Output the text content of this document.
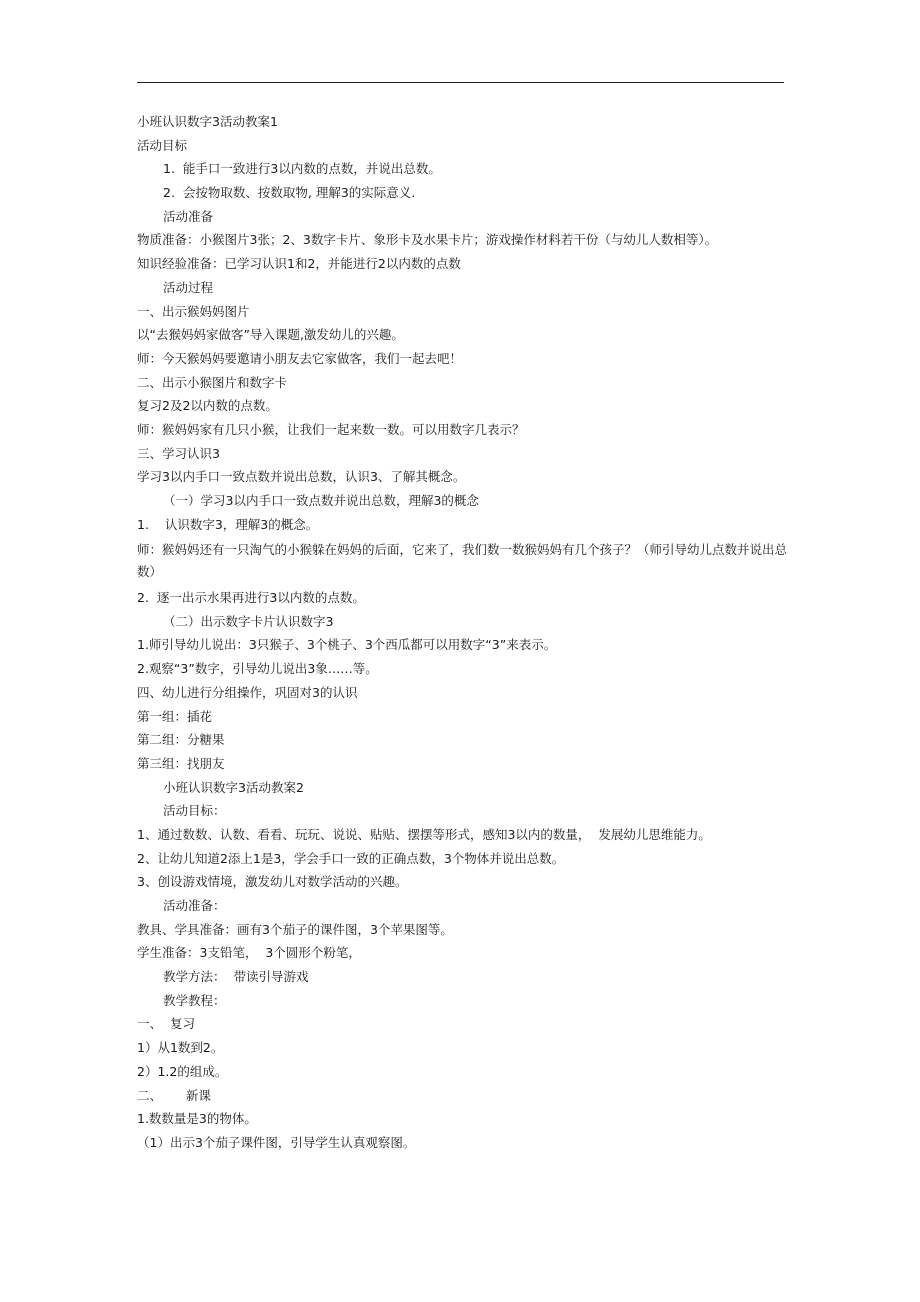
小班认识数字3活动教案1
活动目标
1.  能手口一致进行3以内数的点数，并说出总数。
2.  会按物取数、按数取物, 理解3的实际意义.
活动准备
物质准备：小猴图片3张；2、3数字卡片、象形卡及水果卡片；游戏操作材料若干份（与幼儿人数相等）。
知识经验准备：已学习认识1和2，并能进行2以内数的点数
活动过程
一、出示猴妈妈图片
以“去猴妈妈家做客”导入课题,激发幼儿的兴趣。
师：今天猴妈妈要邀请小朋友去它家做客，我们一起去吧！
二、出示小猴图片和数字卡
复习2及2以内数的点数。
师：猴妈妈家有几只小猴，让我们一起来数一数。可以用数字几表示？
三、学习认识3
学习3以内手口一致点数并说出总数，认识3、了解其概念。
（一）学习3以内手口一致点数并说出总数，理解3的概念
1.    认识数字3，理解3的概念。
师：猴妈妈还有一只淘气的小猴躲在妈妈的后面，它来了，我们数一数猴妈妈有几个孩子？（师引导幼儿点数并说出总数）
2.  逐一出示水果再进行3以内数的点数。
（二）出示数字卡片认识数字3
1.师引导幼儿说出：3只猴子、3个桃子、3个西瓜都可以用数字“3”来表示。
2.观察“3”数字，引导幼儿说出3象……等。
四、幼儿进行分组操作，巩固对3的认识
第一组：插花
第二组：分糖果
第三组：找朋友
小班认识数字3活动教案2
活动目标：
1、通过数数、认数、看看、玩玩、说说、贴贴、摆摆等形式，感知3以内的数量，  发展幼儿思维能力。
2、让幼儿知道2添上1是3，学会手口一致的正确点数，3个物体并说出总数。
3、创设游戏情境，激发幼儿对数学活动的兴趣。
活动准备：
教具、学具准备：画有3个茄子的课件图，3个苹果图等。
学生准备：3支铅笔，  3个圆形个粉笔，
教学方法：  带读引导游戏
教学教程：
一、  复习
1）从1数到2。
2）1.2的组成。
二、      新课
1.数数量是3的物体。
（1）出示3个茄子课件图，引导学生认真观察图。
